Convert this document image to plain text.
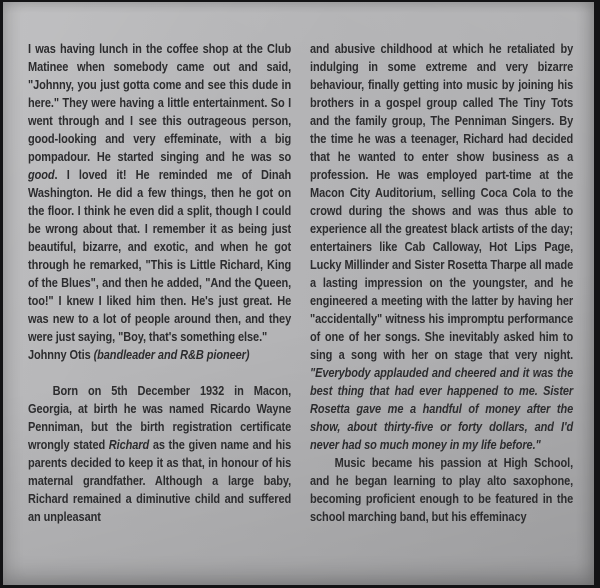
I was having lunch in the coffee shop at the Club Matinee when somebody came out and said, "Johnny, you just gotta come and see this dude in here." They were having a little entertainment. So I went through and I see this outrageous person, good-looking and very effeminate, with a big pompadour. He started singing and he was so good. I loved it! He reminded me of Dinah Washington. He did a few things, then he got on the floor. I think he even did a split, though I could be wrong about that. I remember it as being just beautiful, bizarre, and exotic, and when he got through he remarked, "This is Little Richard, King of the Blues", and then he added, "And the Queen, too!" I knew I liked him then. He's just great. He was new to a lot of people around then, and they were just saying, "Boy, that's something else."

Johnny Otis (bandleader and R&B pioneer)

Born on 5th December 1932 in Macon, Georgia, at birth he was named Ricardo Wayne Penniman, but the birth registration certificate wrongly stated Richard as the given name and his parents decided to keep it as that, in honour of his maternal grandfather. Although a large baby, Richard remained a diminutive child and suffered an unpleasant

and abusive childhood at which he retaliated by indulging in some extreme and very bizarre behaviour, finally getting into music by joining his brothers in a gospel group called The Tiny Tots and the family group, The Penniman Singers. By the time he was a teenager, Richard had decided that he wanted to enter show business as a profession. He was employed part-time at the Macon City Auditorium, selling Coca Cola to the crowd during the shows and was thus able to experience all the greatest black artists of the day; entertainers like Cab Calloway, Hot Lips Page, Lucky Millinder and Sister Rosetta Tharpe all made a lasting impression on the youngster, and he engineered a meeting with the latter by having her "accidentally" witness his impromptu performance of one of her songs. She inevitably asked him to sing a song with her on stage that very night. "Everybody applauded and cheered and it was the best thing that had ever happened to me. Sister Rosetta gave me a handful of money after the show, about thirty-five or forty dollars, and I'd never had so much money in my life before."

Music became his passion at High School, and he began learning to play alto saxophone, becoming proficient enough to be featured in the school marching band, but his effeminacy
